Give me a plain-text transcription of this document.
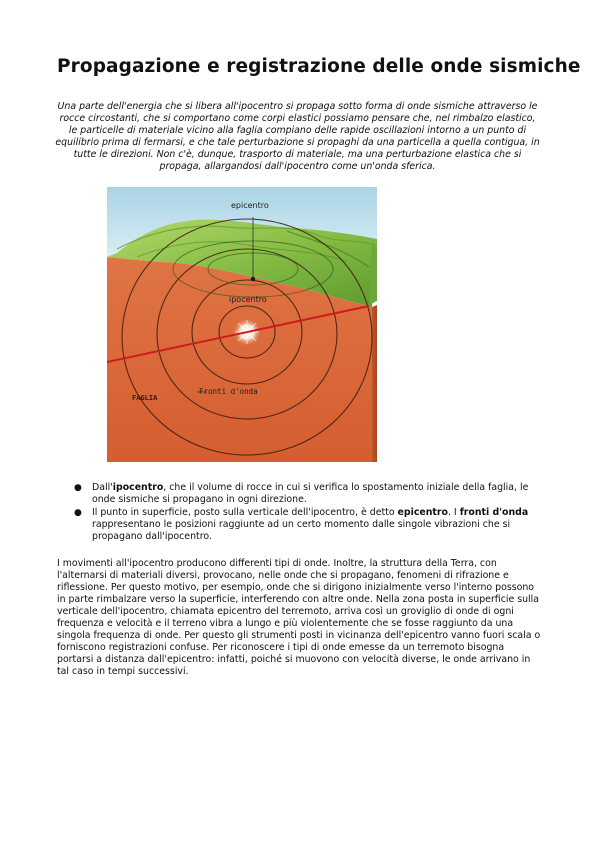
Propagazione e registrazione delle onde sismiche

Una parte dell'energia che si libera all'ipocentro si propaga sotto forma di onde sismiche attraverso le rocce circostanti, che si comportano come corpi elastici possiamo pensare che, nel rimbalzo elastico, le particelle di materiale vicino alla faglia compiano delle rapide oscillazioni intorno a un punto di equilibrio prima di fermarsi, e che tale perturbazione si propaghi da una particella a quella contigua, in tutte le direzioni. Non c'è, dunque, trasporto di materiale, ma una perturbazione elastica che si propaga, allargandosi dall'ipocentro come un'onda sferica.

epicentro
ipocentro
Fronti d'onda
FAGLIA
● Dall'ipocentro, che il volume di rocce in cui si verifica lo spostamento iniziale della faglia, le onde sismiche si propagano in ogni direzione.
● Il punto in superficie, posto sulla verticale dell'ipocentro, è detto epicentro. I fronti d'onda rappresentano le posizioni raggiunte ad un certo momento dalle singole vibrazioni che si propagano dall'ipocentro.

I movimenti all'ipocentro producono differenti tipi di onde. Inoltre, la struttura della Terra, con l'alternarsi di materiali diversi, provocano, nelle onde che si propagano, fenomeni di rifrazione e riflessione. Per questo motivo, per esempio, onde che si dirigono inizialmente verso l'interno possono in parte rimbalzare verso la superficie, interferendo con altre onde. Nella zona posta in superficie sulla verticale dell'ipocentro, chiamata epicentro del terremoto, arriva così un groviglio di onde di ogni frequenza e velocità e il terreno vibra a lungo e più violentemente che se fosse raggiunto da una singola frequenza di onde. Per questo gli strumenti posti in vicinanza dell'epicentro vanno fuori scala o forniscono registrazioni confuse. Per riconoscere i tipi di onde emesse da un terremoto bisogna portarsi a distanza dall'epicentro: infatti, poiché si muovono con velocità diverse, le onde arrivano in tal caso in tempi successivi.
